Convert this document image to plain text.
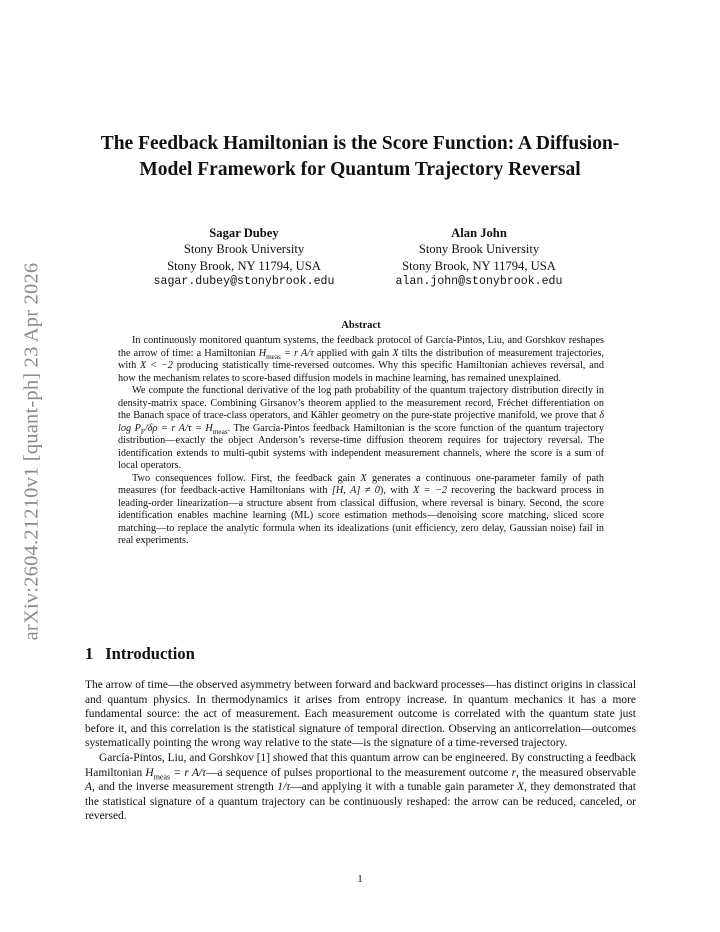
arXiv:2604.21210v1 [quant-ph] 23 Apr 2026
The Feedback Hamiltonian is the Score Function: A Diffusion-Model Framework for Quantum Trajectory Reversal
Sagar Dubey
Stony Brook University
Stony Brook, NY 11794, USA
sagar.dubey@stonybrook.edu
Alan John
Stony Brook University
Stony Brook, NY 11794, USA
alan.john@stonybrook.edu
Abstract

In continuously monitored quantum systems, the feedback protocol of García-Pintos, Liu, and Gorshkov reshapes the arrow of time: a Hamiltonian $H_{meas} = r$ A/τ applied with gain X tilts the distribution of measurement trajectories, with X < −2 producing statistically time-reversed outcomes. Why this specific Hamiltonian achieves reversal, and how the mechanism relates to score-based diffusion models in machine learning, has remained unexplained.

We compute the functional derivative of the log path probability of the quantum trajectory distribution directly in density-matrix space. Combining Girsanov’s theorem applied to the measurement record, Fréchet differentiation on the Banach space of trace-class operators, and Kähler geometry on the pure-state projective manifold, we prove that δ $\log P_F/\delta\rho = r$ $A/\tau = H_{meas}$. The García-Pintos feedback Hamiltonian is the score function of the quantum trajectory distribution—exactly the object Anderson’s reverse-time diffusion theorem requires for trajectory reversal. The identification extends to multi-qubit systems with independent measurement channels, where the score is a sum of local operators.

Two consequences follow. First, the feedback gain X generates a continuous one-parameter family of path measures (for feedback-active Hamiltonians with [H, A] ≠ 0), with X = −2 recovering the backward process in leading-order linearization—a structure absent from classical diffusion, where reversal is binary. Second, the score identification enables machine learning (ML) score estimation methods—denoising score matching, sliced score matching—to replace the analytic formula when its idealizations (unit efficiency, zero delay, Gaussian noise) fail in real experiments.

1 Introduction

The arrow of time—the observed asymmetry between forward and backward processes—has distinct origins in classical and quantum physics. In thermodynamics it arises from entropy increase. In quantum mechanics it has a more fundamental source: the act of measurement. Each measurement outcome is correlated with the quantum state just before it, and this correlation is the statistical signature of temporal direction. Observing an anticorrelation—outcomes systematically pointing the wrong way relative to the state—is the signature of a time-reversed trajectory.

García-Pintos, Liu, and Gorshkov [1] showed that this quantum arrow can be engineered. By constructing a feedback Hamiltonian $H_{meas} = r$ A/τ—a sequence of pulses proportional to the measurement outcome r, the measured observable A, and the inverse measurement strength 1/τ—and applying it with a tunable gain parameter X, they demonstrated that the statistical signature of a quantum trajectory can be continuously reshaped: the arrow can be reduced, canceled, or reversed.

1
